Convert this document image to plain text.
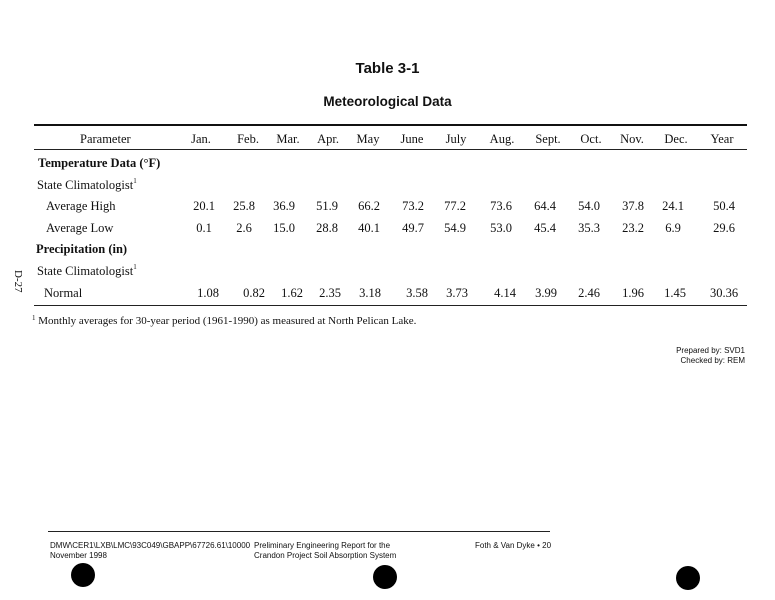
Table 3-1
Meteorological Data
Parameter	Jan.	Feb.	Mar.	Apr.	May	June	July	Aug.	Sept.	Oct.	Nov.	Dec.	Year
Temperature Data (°F)
State Climatologist$^1$
Average High	20.1	25.8	36.9	51.9	66.2	73.2	77.2	73.6	64.4	54.0	37.8	24.1	50.4
Average Low	0.1	2.6	15.0	28.8	40.1	49.7	54.9	53.0	45.4	35.3	23.2	6.9	29.6
Precipitation (in)
State Climatologist$^1$
Normal	1.08	0.82	1.62	2.35	3.18	3.58	3.73	4.14	3.99	2.46	1.96	1.45	30.36
$^1$ Monthly averages for 30-year period (1961-1990) as measured at North Pelican Lake.
Prepared by: SVD1
Checked by: REM
D-27
DMW\CER1\LXB\LMC\93C049\GBAPP\67726.61\10000
November 1998
Preliminary Engineering Report for the
Crandon Project Soil Absorption System
Foth & Van Dyke • 20
